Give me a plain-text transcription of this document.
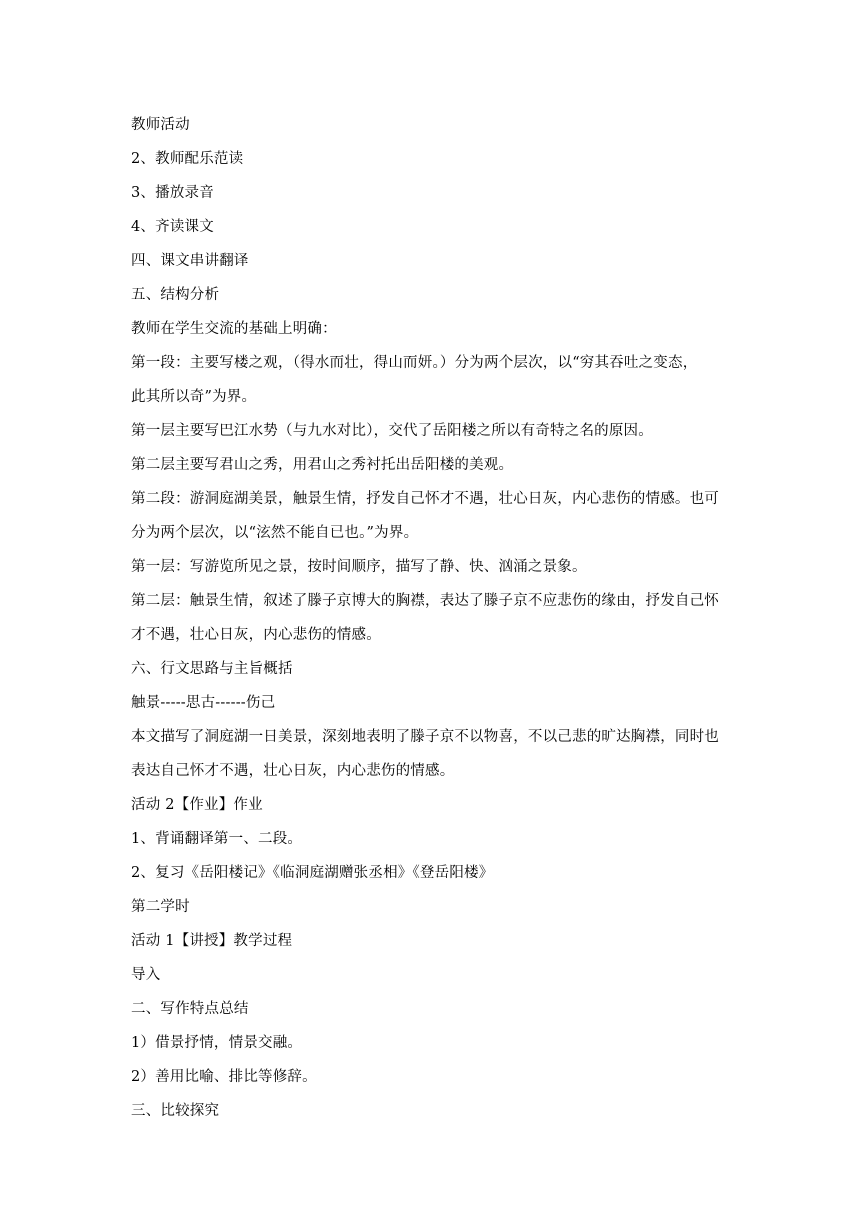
教师活动
2、教师配乐范读
3、播放录音
4、齐读课文
四、课文串讲翻译
五、结构分析
教师在学生交流的基础上明确：
第一段：主要写楼之观，（得水而壮，得山而妍。）分为两个层次，以“穷其吞吐之变态，
此其所以奇”为界。
第一层主要写巴江水势（与九水对比），交代了岳阳楼之所以有奇特之名的原因。
第二层主要写君山之秀，用君山之秀衬托出岳阳楼的美观。
第二段：游洞庭湖美景，触景生情，抒发自己怀才不遇，壮心日灰，内心悲伤的情感。也可
分为两个层次，以“泫然不能自已也。”为界。
第一层：写游览所见之景，按时间顺序，描写了静、快、汹涌之景象。
第二层：触景生情，叙述了滕子京博大的胸襟，表达了滕子京不应悲伤的缘由，抒发自己怀
才不遇，壮心日灰，内心悲伤的情感。
六、行文思路与主旨概括
触景-----思古------伤己
本文描写了洞庭湖一日美景，深刻地表明了滕子京不以物喜，不以己悲的旷达胸襟，同时也
表达自己怀才不遇，壮心日灰，内心悲伤的情感。
活动 2【作业】作业
1、背诵翻译第一、二段。
2、复习《岳阳楼记》《临洞庭湖赠张丞相》《登岳阳楼》
第二学时
活动 1【讲授】教学过程
导入
二、写作特点总结
1）借景抒情，情景交融。
2）善用比喻、排比等修辞。
三、比较探究
